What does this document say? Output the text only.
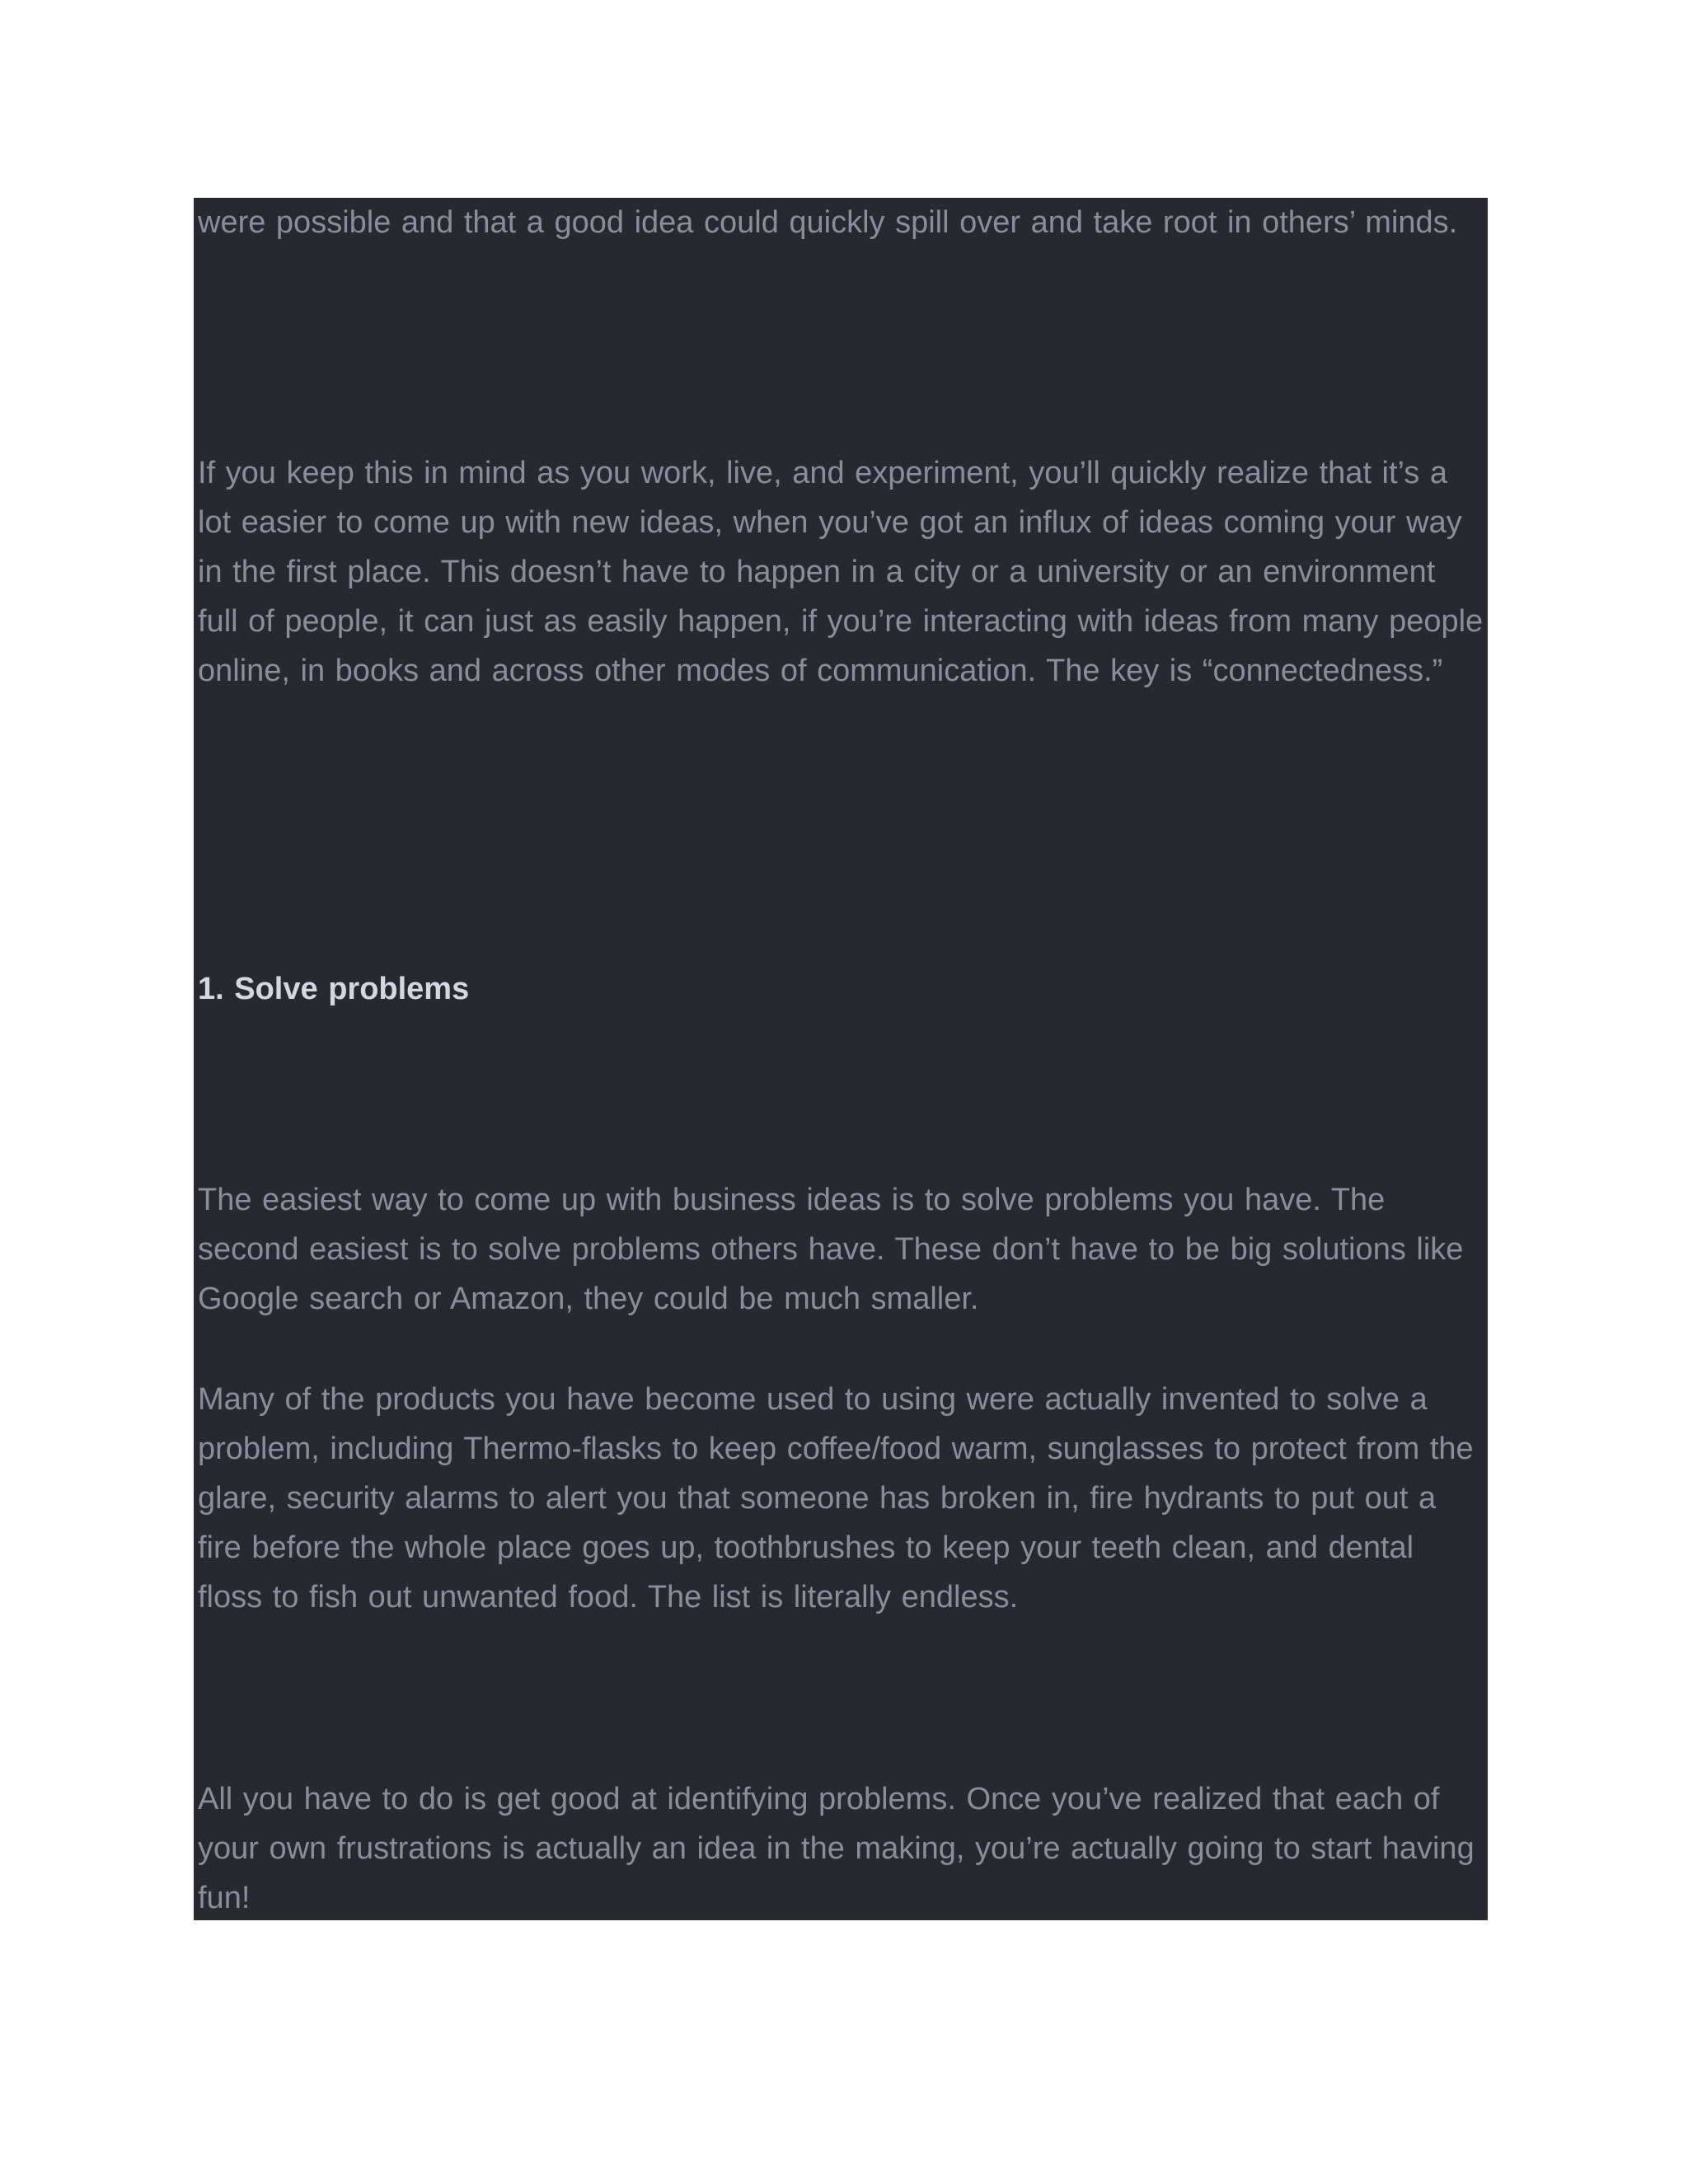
were possible and that a good idea could quickly spill over and take root in others’ minds.

If you keep this in mind as you work, live, and experiment, you’ll quickly realize that it’s a lot easier to come up with new ideas, when you’ve got an influx of ideas coming your way in the first place. This doesn’t have to happen in a city or a university or an environment full of people, it can just as easily happen, if you’re interacting with ideas from many people online, in books and across other modes of communication. The key is “connectedness.”

1. Solve problems

The easiest way to come up with business ideas is to solve problems you have. The second easiest is to solve problems others have. These don’t have to be big solutions like Google search or Amazon, they could be much smaller.

Many of the products you have become used to using were actually invented to solve a problem, including Thermo-flasks to keep coffee/food warm, sunglasses to protect from the glare, security alarms to alert you that someone has broken in, fire hydrants to put out a fire before the whole place goes up, toothbrushes to keep your teeth clean, and dental floss to fish out unwanted food. The list is literally endless.

All you have to do is get good at identifying problems. Once you’ve realized that each of your own frustrations is actually an idea in the making, you’re actually going to start having fun!
